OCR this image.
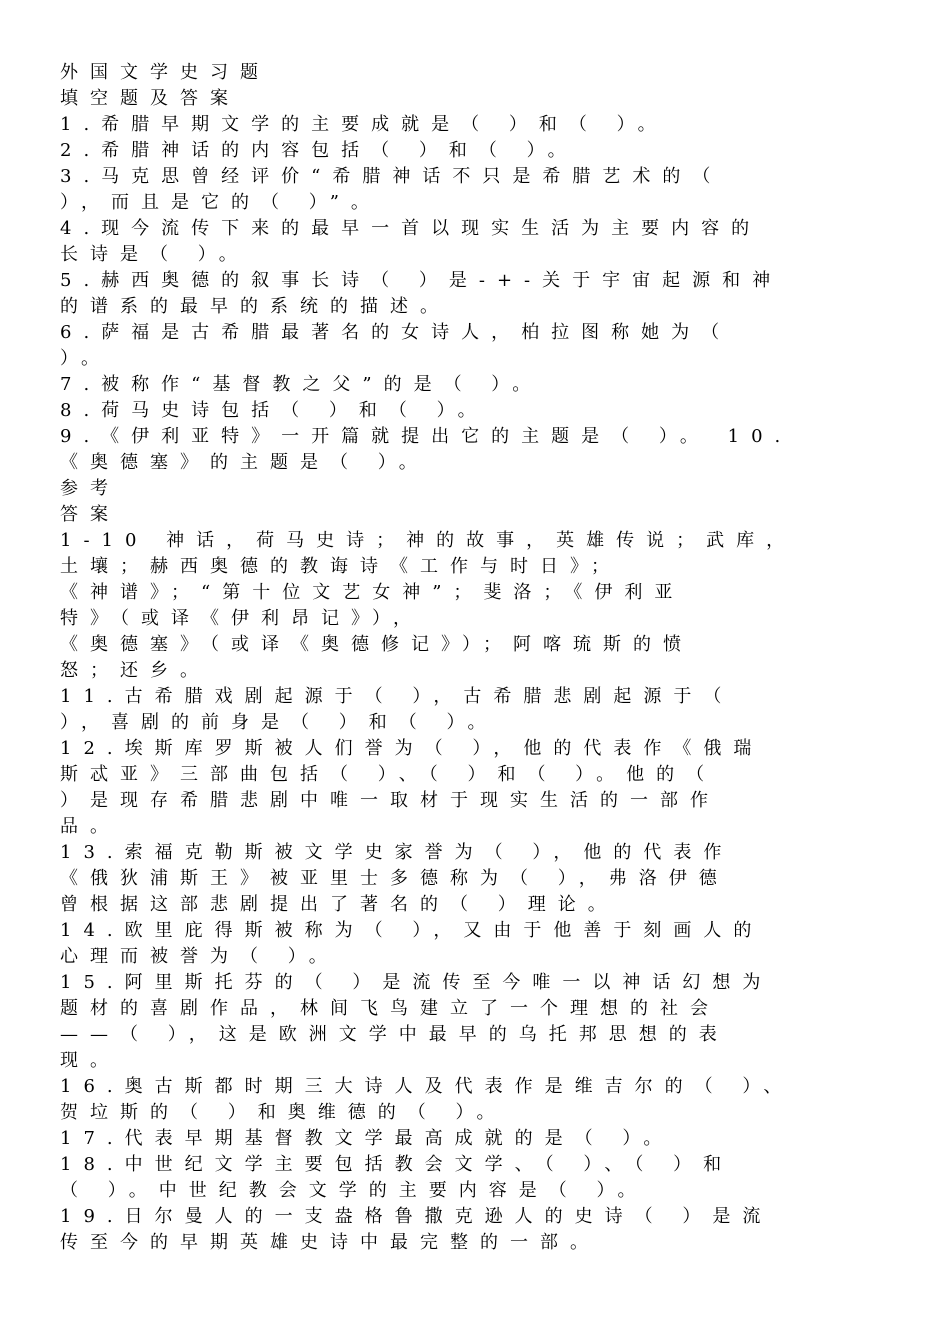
外国文学史习题
填空题及答案
1.希腊早期文学的主要成就是（ ）和（ ）。
2.希腊神话的内容包括（ ）和（ ）。
3.马克思曾经评价“希腊神话不只是希腊艺术的（
），而且是它的（ ）”。
4.现今流传下来的最早一首以现实生活为主要内容的
长诗是（ ）。
5.赫西奥德的叙事长诗（ ）是-+-关于宇宙起源和神
的谱系的最早的系统的描述。
6.萨福是古希腊最著名的女诗人，柏拉图称她为（
）。
7.被称作“基督教之父”的是（ ）。
8.荷马史诗包括（ ）和（ ）。
9.《伊利亚特》一开篇就提出它的主题是（ ）。 10.
《奥德塞》的主题是（ ）。
参考
答案
1-10 神话，荷马史诗；神的故事，英雄传说；武库，
土壤；赫西奥德的教诲诗《工作与时日》；
《神谱》；“第十位文艺女神”；斐洛；《伊利亚
特》（或译《伊利昂记》），
《奥德塞》（或译《奥德修记》）；阿喀琉斯的愤
怒；还乡。
11.古希腊戏剧起源于（ ），古希腊悲剧起源于（
），喜剧的前身是（ ）和（ ）。
12.埃斯库罗斯被人们誉为（ ），他的代表作《俄瑞
斯忒亚》三部曲包括（ ）、（ ）和（ ）。他的（
）是现存希腊悲剧中唯一取材于现实生活的一部作
品。
13.索福克勒斯被文学史家誉为（ ），他的代表作
《俄狄浦斯王》被亚里士多德称为（ ），弗洛伊德
曾根据这部悲剧提出了著名的（ ）理论。
14.欧里庇得斯被称为（ ），又由于他善于刻画人的
心理而被誉为（ ）。
15.阿里斯托芬的（ ）是流传至今唯一以神话幻想为
题材的喜剧作品，林间飞鸟建立了一个理想的社会
——（ ），这是欧洲文学中最早的乌托邦思想的表
现。
16.奥古斯都时期三大诗人及代表作是维吉尔的（ ）、
贺垃斯的（ ）和奥维德的（ ）。
17.代表早期基督教文学最高成就的是（ ）。
18.中世纪文学主要包括教会文学、（ ）、（ ）和
（ ）。中世纪教会文学的主要内容是（ ）。
19.日尔曼人的一支盎格鲁撒克逊人的史诗（ ）是流
传至今的早期英雄史诗中最完整的一部。
